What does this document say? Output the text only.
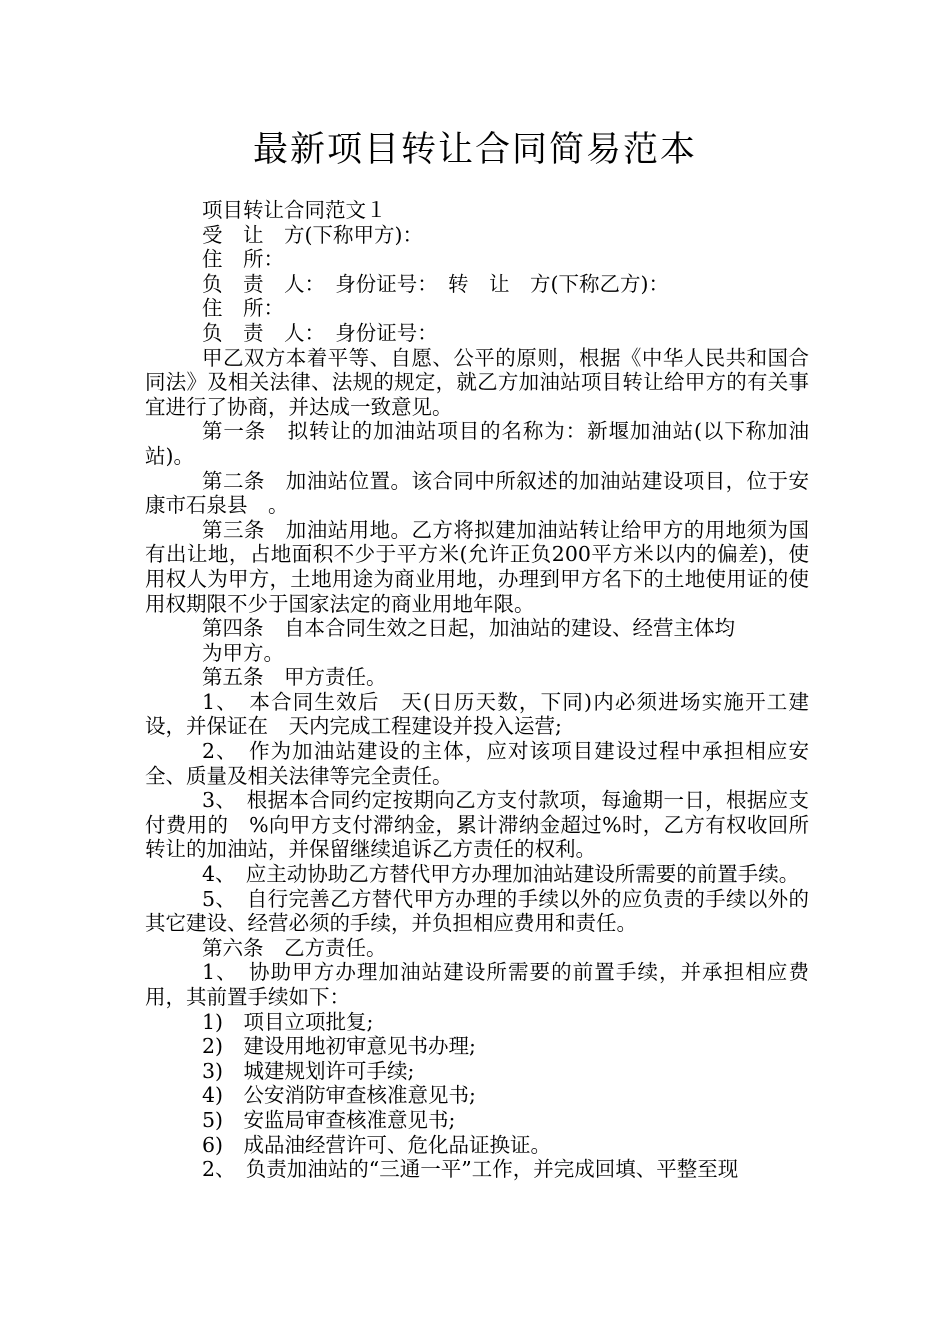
最新项目转让合同简易范本

项目转让合同范文１

受　让　方(下称甲方)：

住　所：

负　责　人：　身份证号：　转　让　方(下称乙方)：

住　所：

负　责　人：　身份证号：

甲乙双方本着平等、自愿、公平的原则，根据《中华人民共和国合同法》及相关法律、法规的规定，就乙方加油站项目转让给甲方的有关事宜进行了协商，并达成一致意见。

第一条　拟转让的加油站项目的名称为：新堰加油站(以下称加油站)。

第二条　加油站位置。该合同中所叙述的加油站建设项目，位于安康市石泉县　。

第三条　加油站用地。乙方将拟建加油站转让给甲方的用地须为国有出让地，占地面积不少于平方米(允许正负200平方米以内的偏差)，使用权人为甲方，土地用途为商业用地，办理到甲方名下的土地使用证的使用权期限不少于国家法定的商业用地年限。

第四条　自本合同生效之日起，加油站的建设、经营主体均

为甲方。

第五条　甲方责任。

1、　本合同生效后　天(日历天数，下同)内必须进场实施开工建设，并保证在　天内完成工程建设并投入运营;

2、　作为加油站建设的主体，应对该项目建设过程中承担相应安全、质量及相关法律等完全责任。

3、　根据本合同约定按期向乙方支付款项，每逾期一日，根据应支付费用的　%向甲方支付滞纳金，累计滞纳金超过%时，乙方有权收回所转让的加油站，并保留继续追诉乙方责任的权利。

4、　应主动协助乙方替代甲方办理加油站建设所需要的前置手续。

5、　自行完善乙方替代甲方办理的手续以外的应负责的手续以外的其它建设、经营必须的手续，并负担相应费用和责任。

第六条　乙方责任。

1、　协助甲方办理加油站建设所需要的前置手续，并承担相应费用，其前置手续如下：

1)　项目立项批复;

2)　建设用地初审意见书办理;

3)　城建规划许可手续;

4)　公安消防审查核准意见书;

5)　安监局审查核准意见书;

6)　成品油经营许可、危化品证换证。

2、　负责加油站的“三通一平”工作，并完成回填、平整至现
